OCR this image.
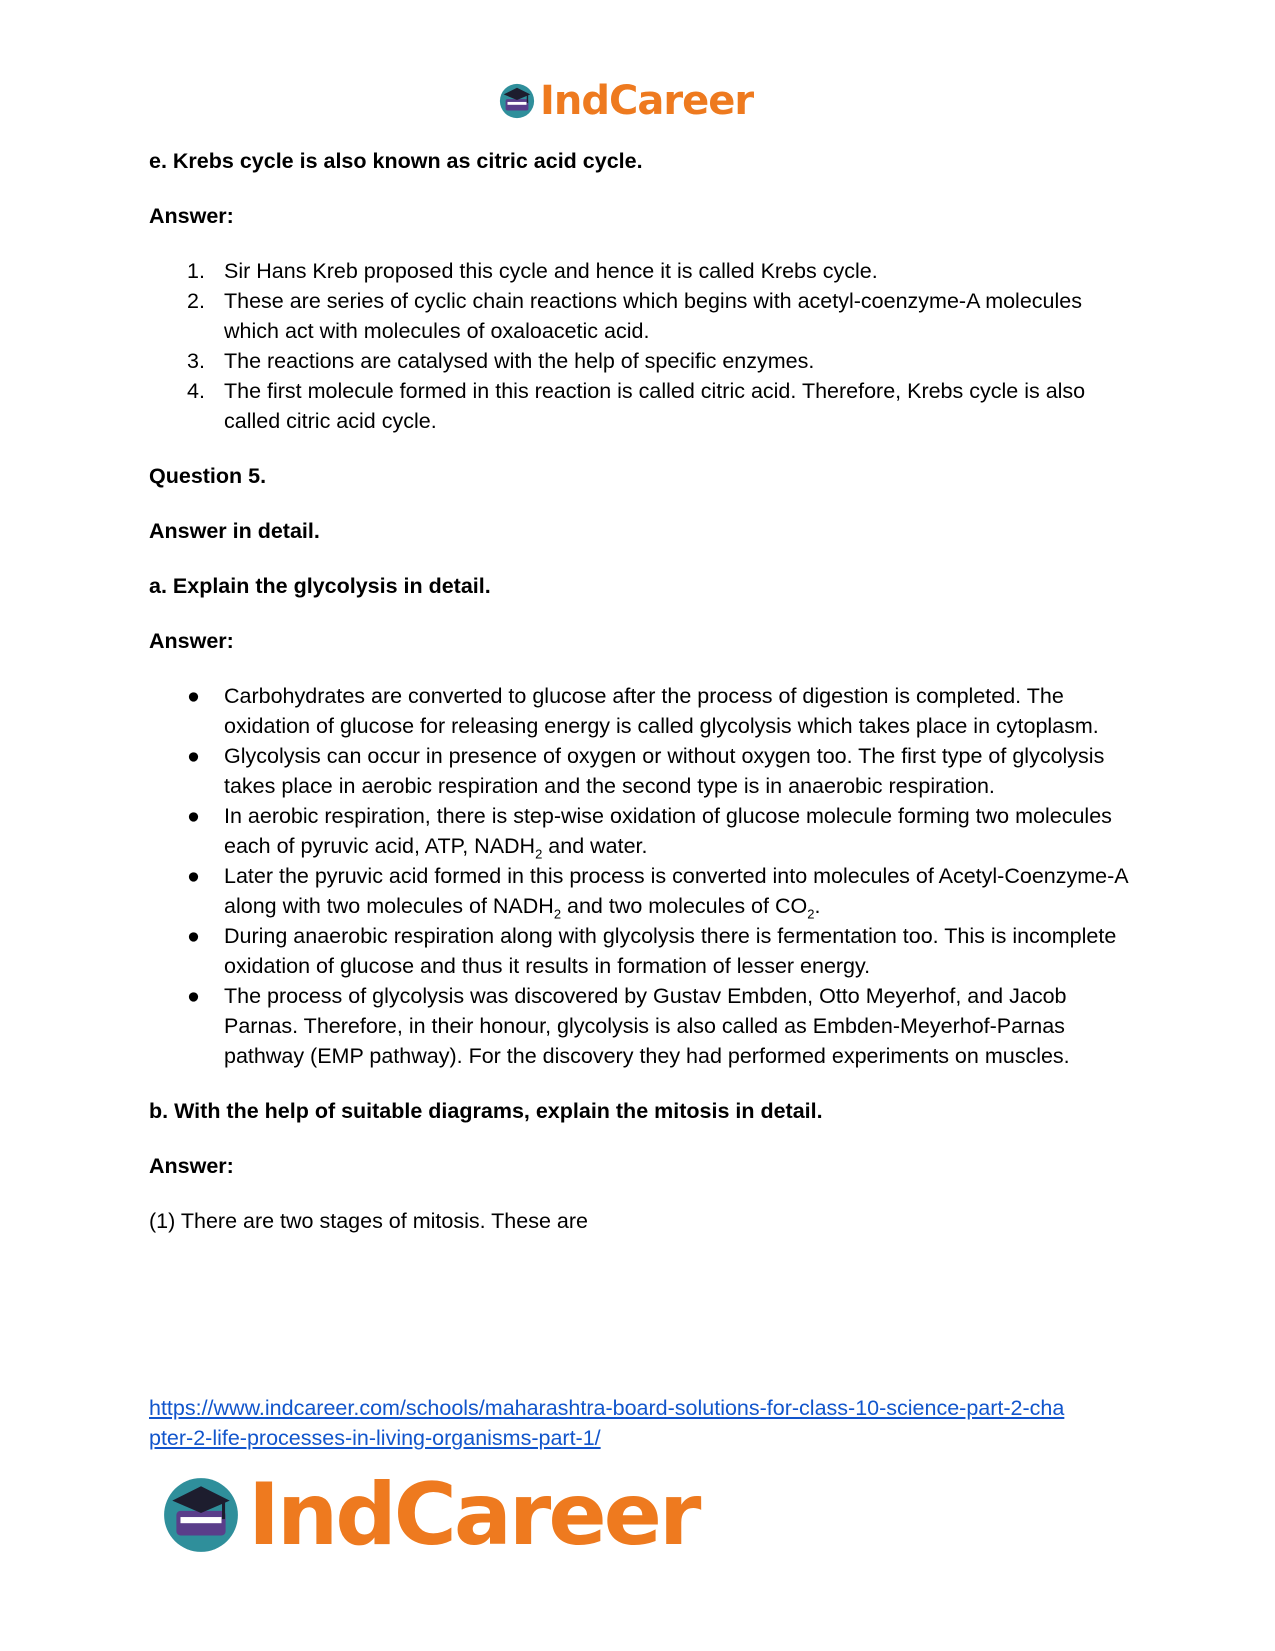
IndCareer

e. Krebs cycle is also known as citric acid cycle.

Answer:

1. Sir Hans Kreb proposed this cycle and hence it is called Krebs cycle.
2. These are series of cyclic chain reactions which begins with acetyl-coenzyme-A molecules which act with molecules of oxaloacetic acid.
3. The reactions are catalysed with the help of specific enzymes.
4. The first molecule formed in this reaction is called citric acid. Therefore, Krebs cycle is also called citric acid cycle.

Question 5.

Answer in detail.

a. Explain the glycolysis in detail.

Answer:

● Carbohydrates are converted to glucose after the process of digestion is completed. The oxidation of glucose for releasing energy is called glycolysis which takes place in cytoplasm.
● Glycolysis can occur in presence of oxygen or without oxygen too. The first type of glycolysis takes place in aerobic respiration and the second type is in anaerobic respiration.
● In aerobic respiration, there is step-wise oxidation of glucose molecule forming two molecules each of pyruvic acid, ATP, $NADH_2$ and water.
● Later the pyruvic acid formed in this process is converted into molecules of Acetyl-Coenzyme-A along with two molecules of $NADH_2$ and two molecules of $CO_2$.
● During anaerobic respiration along with glycolysis there is fermentation too. This is incomplete oxidation of glucose and thus it results in formation of lesser energy.
● The process of glycolysis was discovered by Gustav Embden, Otto Meyerhof, and Jacob Parnas. Therefore, in their honour, glycolysis is also called as Embden-Meyerhof-Parnas pathway (EMP pathway). For the discovery they had performed experiments on muscles.

b. With the help of suitable diagrams, explain the mitosis in detail.

Answer:

(1) There are two stages of mitosis. These are

https://www.indcareer.com/schools/maharashtra-board-solutions-for-class-10-science-part-2-cha
pter-2-life-processes-in-living-organisms-part-1/
IndCareer
